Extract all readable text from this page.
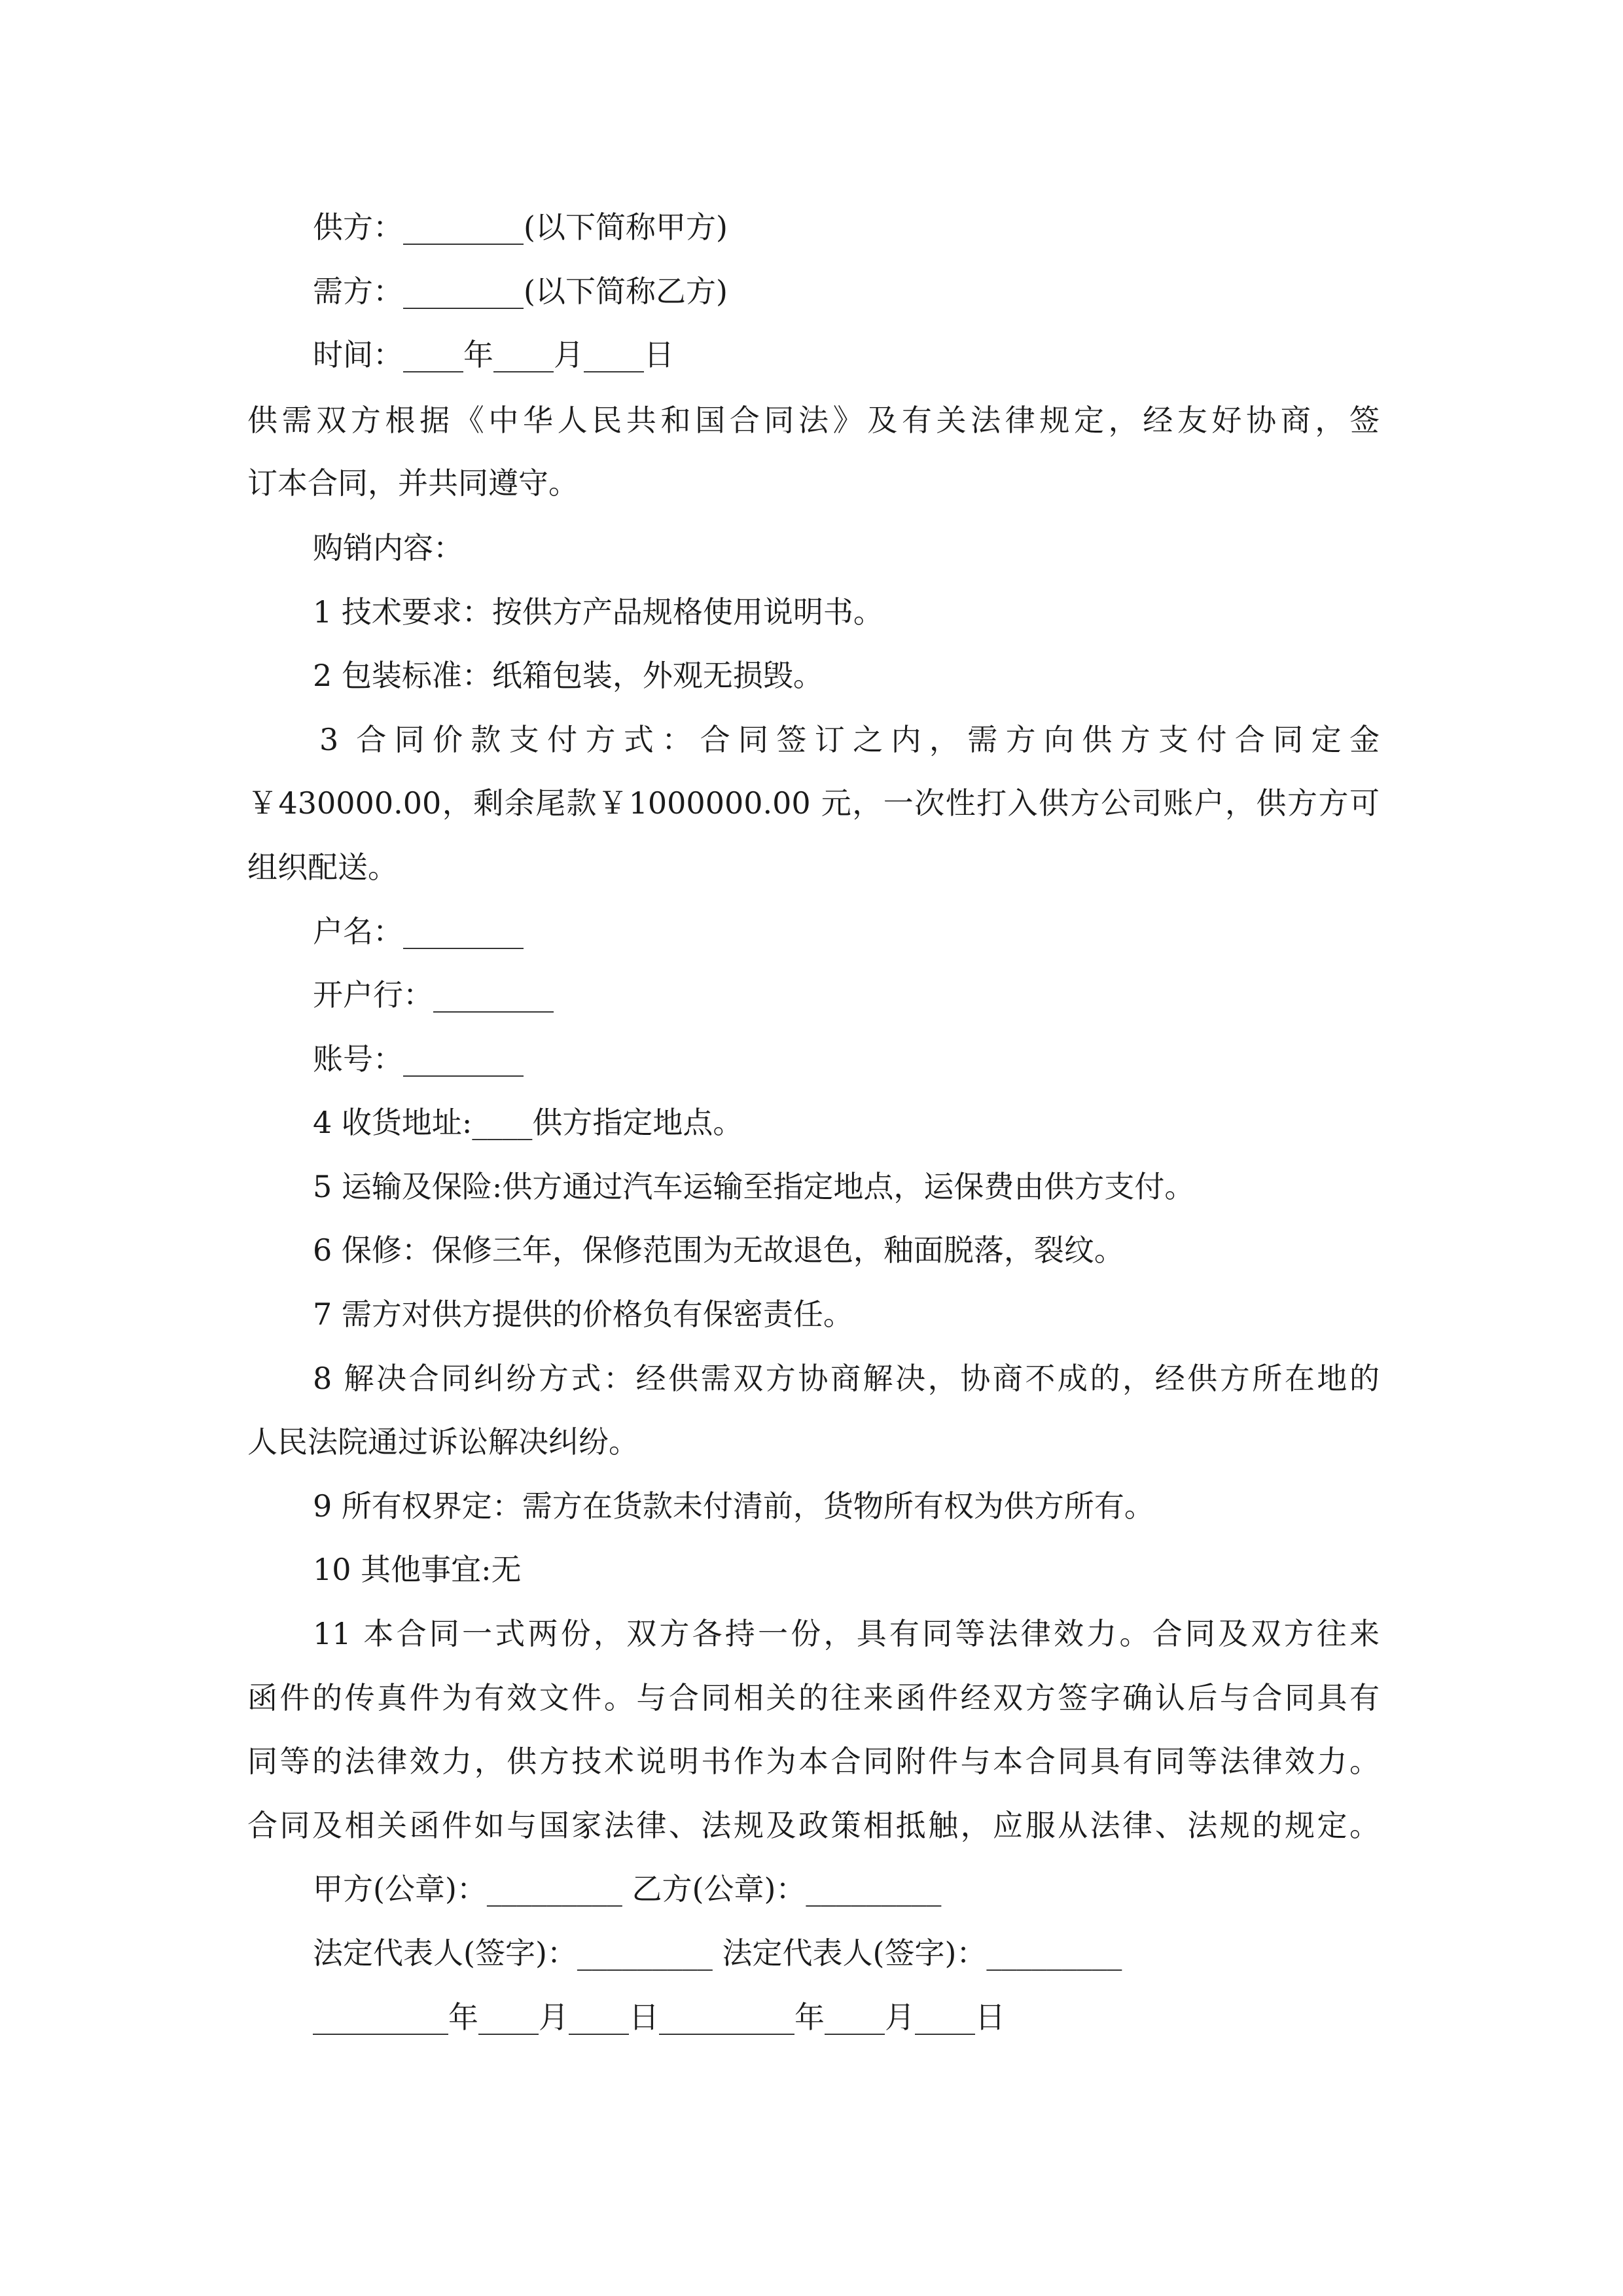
供方：________(以下简称甲方)

需方：________(以下简称乙方)

时间：____年____月____日

供需双方根据《中华人民共和国合同法》及有关法律规定，经友好协商，签

订本合同，并共同遵守。

购销内容：

1 技术要求：按供方产品规格使用说明书。

2 包装标准：纸箱包装，外观无损毁。

3 合同价款支付方式：合同签订之内，需方向供方支付合同定金

￥430000.00，剩余尾款￥1000000.00 元，一次性打入供方公司账户，供方方可

组织配送。

户名：________

开户行：________

账号：________

4 收货地址:____供方指定地点。

5 运输及保险:供方通过汽车运输至指定地点，运保费由供方支付。

6 保修：保修三年，保修范围为无故退色，釉面脱落，裂纹。

7 需方对供方提供的价格负有保密责任。

8 解决合同纠纷方式：经供需双方协商解决，协商不成的，经供方所在地的

人民法院通过诉讼解决纠纷。

9 所有权界定：需方在货款未付清前，货物所有权为供方所有。

10 其他事宜:无

11 本合同一式两份，双方各持一份，具有同等法律效力。合同及双方往来

函件的传真件为有效文件。与合同相关的往来函件经双方签字确认后与合同具有

同等的法律效力，供方技术说明书作为本合同附件与本合同具有同等法律效力。

合同及相关函件如与国家法律、法规及政策相抵触，应服从法律、法规的规定。

甲方(公章)：_________ 乙方(公章)：_________

法定代表人(签字)：_________ 法定代表人(签字)：_________

_________年____月____日_________年____月____日
